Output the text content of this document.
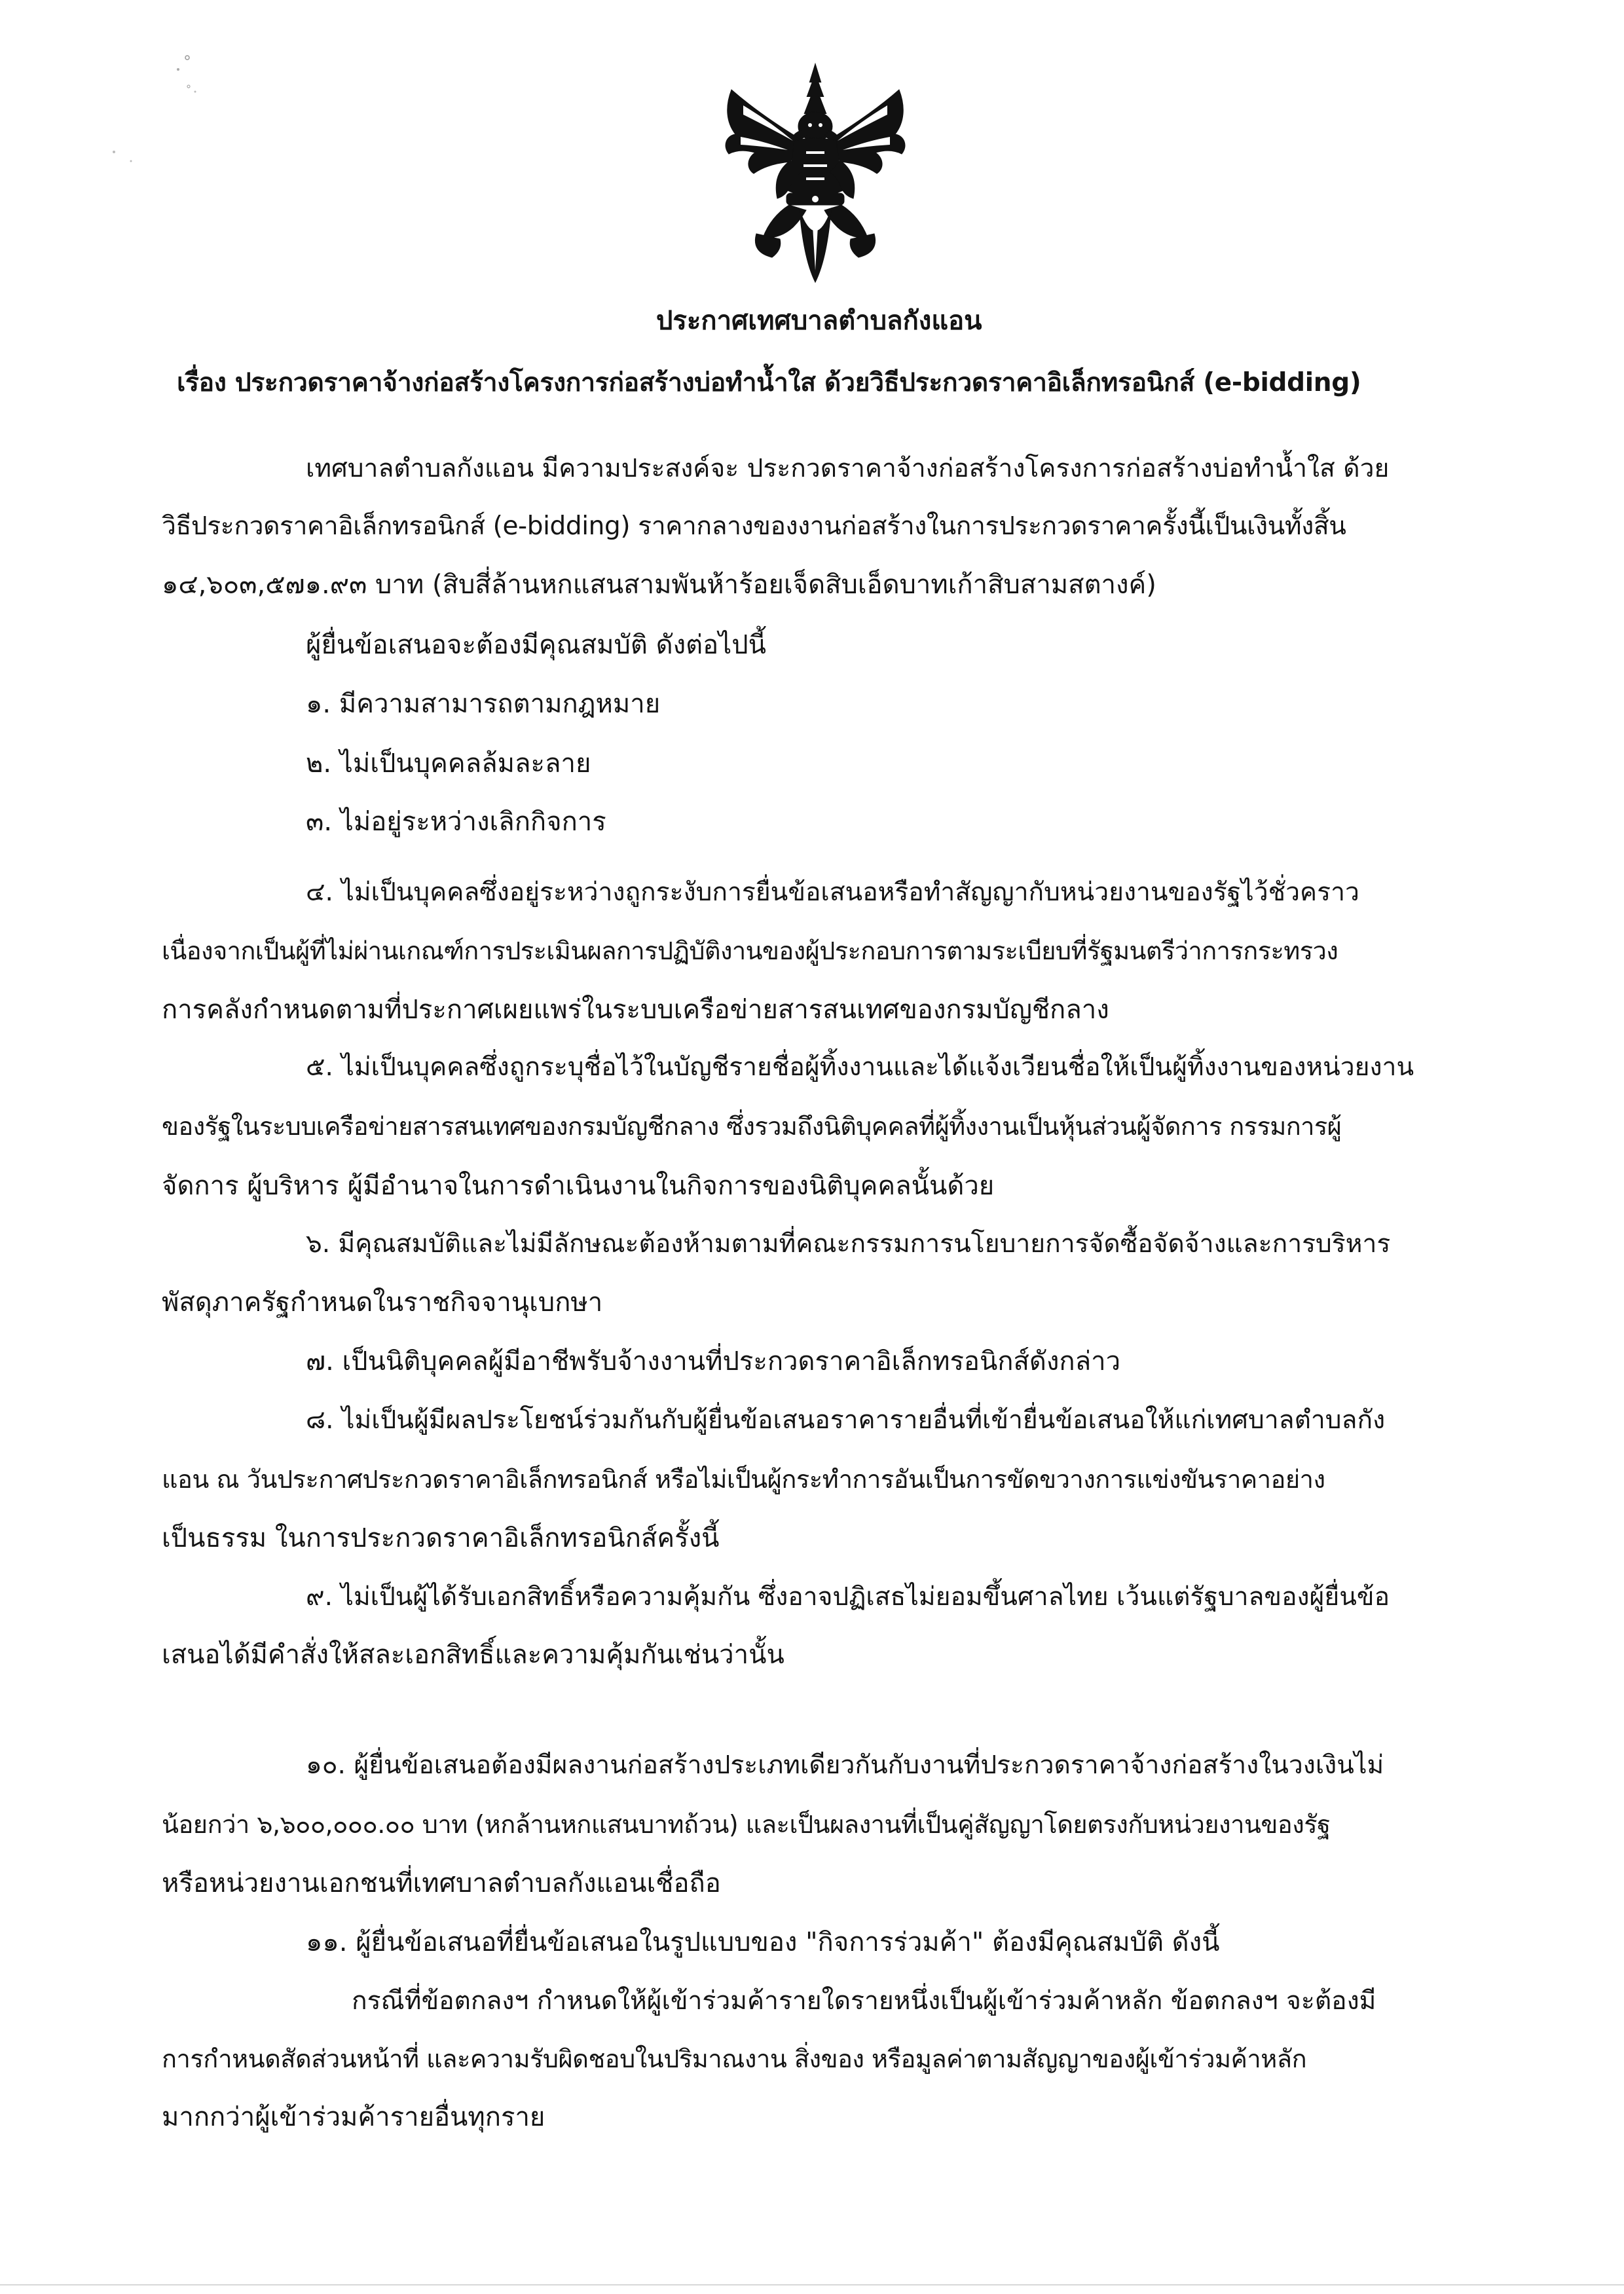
ประกาศเทศบาลตำบลกังแอน
เรื่อง ประกวดราคาจ้างก่อสร้างโครงการก่อสร้างบ่อทำน้ำใส ด้วยวิธีประกวดราคาอิเล็กทรอนิกส์ (e-bidding)
เทศบาลตำบลกังแอน มีความประสงค์จะ ประกวดราคาจ้างก่อสร้างโครงการก่อสร้างบ่อทำน้ำใส ด้วย
วิธีประกวดราคาอิเล็กทรอนิกส์ (e-bidding) ราคากลางของงานก่อสร้างในการประกวดราคาครั้งนี้เป็นเงินทั้งสิ้น
๑๔,๖๐๓,๕๗๑.๙๓ บาท (สิบสี่ล้านหกแสนสามพันห้าร้อยเจ็ดสิบเอ็ดบาทเก้าสิบสามสตางค์)
ผู้ยื่นข้อเสนอจะต้องมีคุณสมบัติ ดังต่อไปนี้
๑. มีความสามารถตามกฎหมาย
๒. ไม่เป็นบุคคลล้มละลาย
๓. ไม่อยู่ระหว่างเลิกกิจการ
๔. ไม่เป็นบุคคลซึ่งอยู่ระหว่างถูกระงับการยื่นข้อเสนอหรือทำสัญญากับหน่วยงานของรัฐไว้ชั่วคราว
เนื่องจากเป็นผู้ที่ไม่ผ่านเกณฑ์การประเมินผลการปฏิบัติงานของผู้ประกอบการตามระเบียบที่รัฐมนตรีว่าการกระทรวง
การคลังกำหนดตามที่ประกาศเผยแพร่ในระบบเครือข่ายสารสนเทศของกรมบัญชีกลาง
๕. ไม่เป็นบุคคลซึ่งถูกระบุชื่อไว้ในบัญชีรายชื่อผู้ทิ้งงานและได้แจ้งเวียนชื่อให้เป็นผู้ทิ้งงานของหน่วยงาน
ของรัฐในระบบเครือข่ายสารสนเทศของกรมบัญชีกลาง ซึ่งรวมถึงนิติบุคคลที่ผู้ทิ้งงานเป็นหุ้นส่วนผู้จัดการ กรรมการผู้
จัดการ ผู้บริหาร ผู้มีอำนาจในการดำเนินงานในกิจการของนิติบุคคลนั้นด้วย
๖. มีคุณสมบัติและไม่มีลักษณะต้องห้ามตามที่คณะกรรมการนโยบายการจัดซื้อจัดจ้างและการบริหาร
พัสดุภาครัฐกำหนดในราชกิจจานุเบกษา
๗. เป็นนิติบุคคลผู้มีอาชีพรับจ้างงานที่ประกวดราคาอิเล็กทรอนิกส์ดังกล่าว
๘. ไม่เป็นผู้มีผลประโยชน์ร่วมกันกับผู้ยื่นข้อเสนอราคารายอื่นที่เข้ายื่นข้อเสนอให้แก่เทศบาลตำบลกัง
แอน ณ วันประกาศประกวดราคาอิเล็กทรอนิกส์ หรือไม่เป็นผู้กระทำการอันเป็นการขัดขวางการแข่งขันราคาอย่าง
เป็นธรรม ในการประกวดราคาอิเล็กทรอนิกส์ครั้งนี้
๙. ไม่เป็นผู้ได้รับเอกสิทธิ์หรือความคุ้มกัน ซึ่งอาจปฏิเสธไม่ยอมขึ้นศาลไทย เว้นแต่รัฐบาลของผู้ยื่นข้อ
เสนอได้มีคำสั่งให้สละเอกสิทธิ์และความคุ้มกันเช่นว่านั้น
๑๐. ผู้ยื่นข้อเสนอต้องมีผลงานก่อสร้างประเภทเดียวกันกับงานที่ประกวดราคาจ้างก่อสร้างในวงเงินไม่
น้อยกว่า ๖,๖๐๐,๐๐๐.๐๐ บาท (หกล้านหกแสนบาทถ้วน) และเป็นผลงานที่เป็นคู่สัญญาโดยตรงกับหน่วยงานของรัฐ
หรือหน่วยงานเอกชนที่เทศบาลตำบลกังแอนเชื่อถือ
๑๑. ผู้ยื่นข้อเสนอที่ยื่นข้อเสนอในรูปแบบของ "กิจการร่วมค้า" ต้องมีคุณสมบัติ ดังนี้
กรณีที่ข้อตกลงฯ กำหนดให้ผู้เข้าร่วมค้ารายใดรายหนึ่งเป็นผู้เข้าร่วมค้าหลัก ข้อตกลงฯ จะต้องมี
การกำหนดสัดส่วนหน้าที่ และความรับผิดชอบในปริมาณงาน สิ่งของ หรือมูลค่าตามสัญญาของผู้เข้าร่วมค้าหลัก
มากกว่าผู้เข้าร่วมค้ารายอื่นทุกราย
